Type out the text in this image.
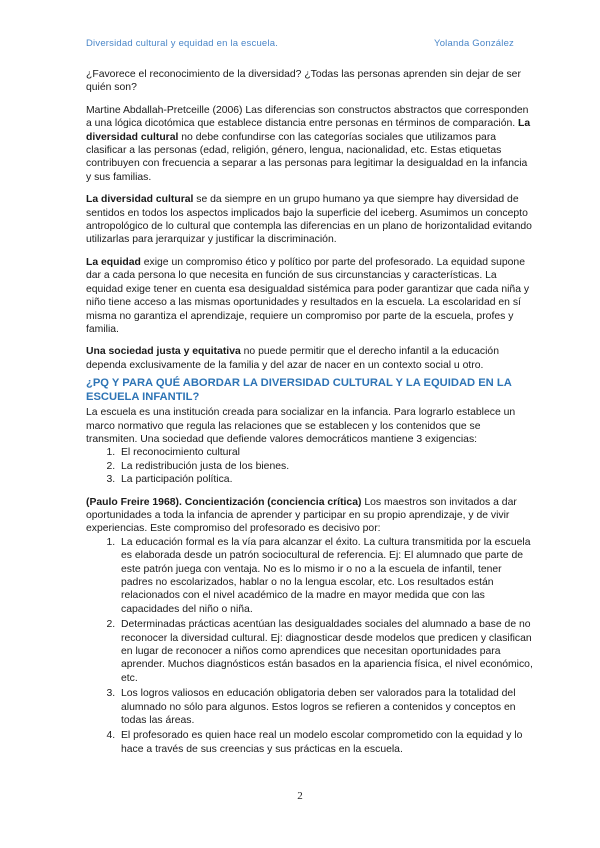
Diversidad cultural y equidad en la escuela.	Yolanda González

¿Favorece el reconocimiento de la diversidad? ¿Todas las personas aprenden sin dejar de ser quién son?

Martine Abdallah-Pretceille (2006) Las diferencias son constructos abstractos que corresponden a una lógica dicotómica que establece distancia entre personas en términos de comparación. La diversidad cultural no debe confundirse con las categorías sociales que utilizamos para clasificar a las personas (edad, religión, género, lengua, nacionalidad, etc. Estas etiquetas contribuyen con frecuencia a separar a las personas para legitimar la desigualdad en la infancia y sus familias.

La diversidad cultural se da siempre en un grupo humano ya que siempre hay diversidad de sentidos en todos los aspectos implicados bajo la superficie del iceberg. Asumimos un concepto antropológico de lo cultural que contempla las diferencias en un plano de horizontalidad evitando utilizarlas para jerarquizar y justificar la discriminación.

La equidad exige un compromiso ético y político por parte del profesorado. La equidad supone dar a cada persona lo que necesita en función de sus circunstancias y características. La equidad exige tener en cuenta esa desigualdad sistémica para poder garantizar que cada niña y niño tiene acceso a las mismas oportunidades y resultados en la escuela. La escolaridad en sí misma no garantiza el aprendizaje, requiere un compromiso por parte de la escuela, profes y familia.

Una sociedad justa y equitativa no puede permitir que el derecho infantil a la educación dependa exclusivamente de la familia y del azar de nacer en un contexto social u otro.

¿PQ Y PARA QUÉ ABORDAR LA DIVERSIDAD CULTURAL Y LA EQUIDAD EN LA ESCUELA INFANTIL?

La escuela es una institución creada para socializar en la infancia. Para lograrlo establece un marco normativo que regula las relaciones que se establecen y los contenidos que se transmiten. Una sociedad que defiende valores democráticos mantiene 3 exigencias:

1. El reconocimiento cultural
2. La redistribución justa de los bienes.
3. La participación política.

(Paulo Freire 1968). Concientización (conciencia crítica) Los maestros son invitados a dar oportunidades a toda la infancia de aprender y participar en su propio aprendizaje, y de vivir experiencias. Este compromiso del profesorado es decisivo por:

1. La educación formal es la vía para alcanzar el éxito. La cultura transmitida por la escuela es elaborada desde un patrón sociocultural de referencia. Ej: El alumnado que parte de este patrón juega con ventaja. No es lo mismo ir o no a la escuela de infantil, tener padres no escolarizados, hablar o no la lengua escolar, etc. Los resultados están relacionados con el nivel académico de la madre en mayor medida que con las capacidades del niño o niña.
2. Determinadas prácticas acentúan las desigualdades sociales del alumnado a base de no reconocer la diversidad cultural. Ej: diagnosticar desde modelos que predicen y clasifican en lugar de reconocer a niños como aprendices que necesitan oportunidades para aprender. Muchos diagnósticos están basados en la apariencia física, el nivel económico, etc.
3. Los logros valiosos en educación obligatoria deben ser valorados para la totalidad del alumnado no sólo para algunos. Estos logros se refieren a contenidos y conceptos en todas las áreas.
4. El profesorado es quien hace real un modelo escolar comprometido con la equidad y lo hace a través de sus creencias y sus prácticas en la escuela.
2
